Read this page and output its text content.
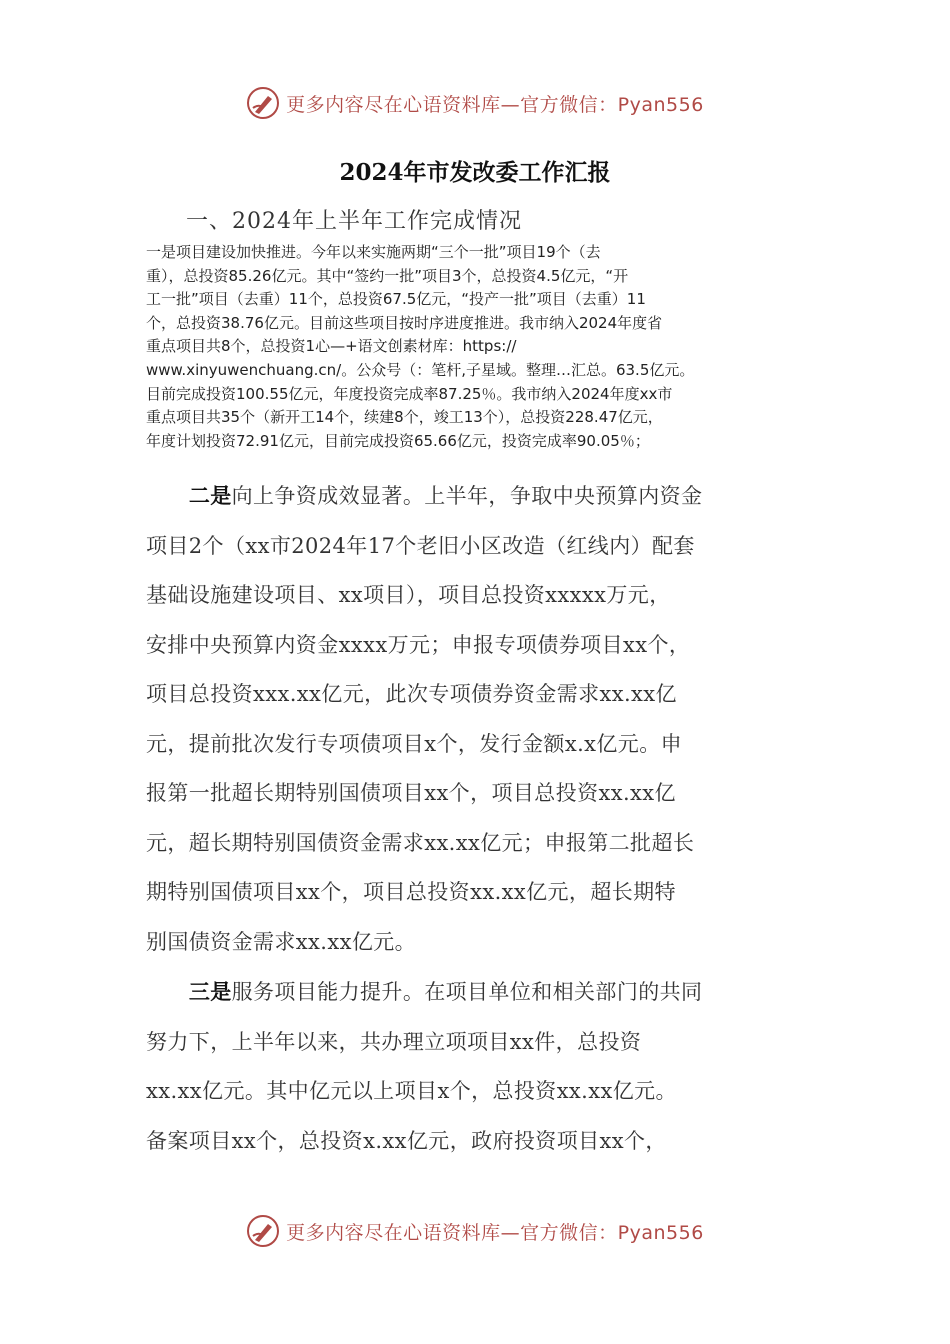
更多内容尽在心语资料库—官方微信：Pyan556
2024年市发改委工作汇报
一、2024年上半年工作完成情况
一是项目建设加快推进。今年以来实施两期“三个一批”项目19个（去
重），总投资85.26亿元。其中“签约一批”项目3个，总投资4.5亿元，“开
工一批”项目（去重）11个，总投资67.5亿元，“投产一批”项目（去重）11
个，总投资38.76亿元。目前这些项目按时序进度推进。我市纳入2024年度省
重点项目共8个，总投资1心—+语文创素材库：https://
www.xinyuwenchuang.cn/。公众号（：笔杆,子星域。整理…汇总。63.5亿元。
目前完成投资100.55亿元，年度投资完成率87.25％。我市纳入2024年度xx市
重点项目共35个（新开工14个，续建8个，竣工13个），总投资228.47亿元，
年度计划投资72.91亿元，目前完成投资65.66亿元，投资完成率90.05％；
　　二是向上争资成效显著。上半年，争取中央预算内资金
项目2个（xx市2024年17个老旧小区改造（红线内）配套
基础设施建设项目、xx项目），项目总投资xxxxx万元，
安排中央预算内资金xxxx万元；申报专项债券项目xx个，
项目总投资xxx.xx亿元，此次专项债券资金需求xx.xx亿
元，提前批次发行专项债项目x个，发行金额x.x亿元。申
报第一批超长期特别国债项目xx个，项目总投资xx.xx亿
元，超长期特别国债资金需求xx.xx亿元；申报第二批超长
期特别国债项目xx个，项目总投资xx.xx亿元，超长期特
别国债资金需求xx.xx亿元。
　　三是服务项目能力提升。在项目单位和相关部门的共同
努力下，上半年以来，共办理立项项目xx件，总投资
xx.xx亿元。其中亿元以上项目x个，总投资xx.xx亿元。
备案项目xx个，总投资x.xx亿元，政府投资项目xx个，
更多内容尽在心语资料库—官方微信：Pyan556
